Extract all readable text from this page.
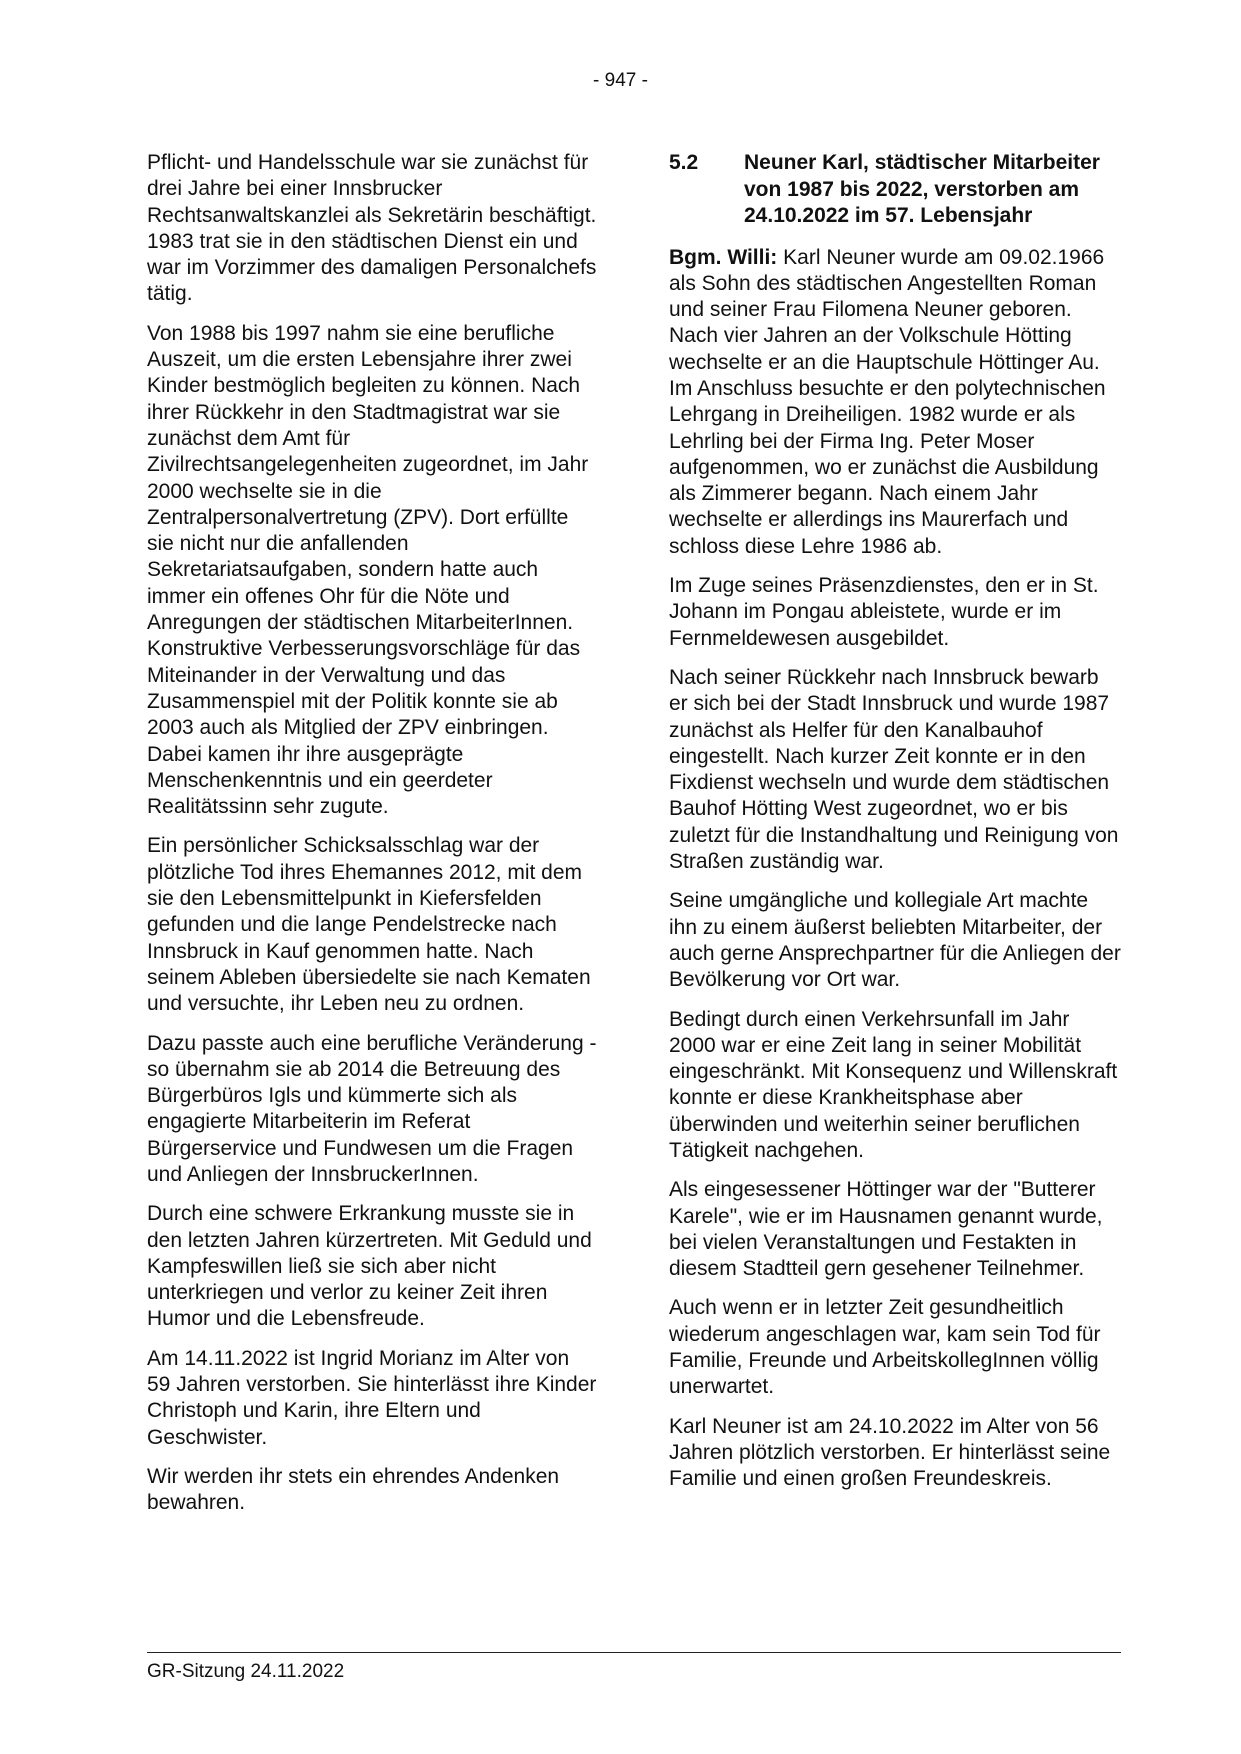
- 947 -

Pflicht- und Handelsschule war sie zunächst für drei Jahre bei einer Innsbrucker Rechtsanwaltskanzlei als Sekretärin beschäftigt. 1983 trat sie in den städtischen Dienst ein und war im Vorzimmer des damaligen Personalchefs tätig.

Von 1988 bis 1997 nahm sie eine berufliche Auszeit, um die ersten Lebensjahre ihrer zwei Kinder bestmöglich begleiten zu können. Nach ihrer Rückkehr in den Stadtmagistrat war sie zunächst dem Amt für Zivilrechtsangelegenheiten zugeordnet, im Jahr 2000 wechselte sie in die Zentralpersonalvertretung (ZPV). Dort erfüllte sie nicht nur die anfallenden Sekretariatsaufgaben, sondern hatte auch immer ein offenes Ohr für die Nöte und Anregungen der städtischen MitarbeiterInnen. Konstruktive Verbesserungsvorschläge für das Miteinander in der Verwaltung und das Zusammenspiel mit der Politik konnte sie ab 2003 auch als Mitglied der ZPV einbringen. Dabei kamen ihr ihre ausgeprägte Menschenkenntnis und ein geerdeter Realitätssinn sehr zugute.

Ein persönlicher Schicksalsschlag war der plötzliche Tod ihres Ehemannes 2012, mit dem sie den Lebensmittelpunkt in Kiefersfelden gefunden und die lange Pendelstrecke nach Innsbruck in Kauf genommen hatte. Nach seinem Ableben übersiedelte sie nach Kematen und versuchte, ihr Leben neu zu ordnen.

Dazu passte auch eine berufliche Veränderung - so übernahm sie ab 2014 die Betreuung des Bürgerbüros Igls und kümmerte sich als engagierte Mitarbeiterin im Referat Bürgerservice und Fundwesen um die Fragen und Anliegen der InnsbruckerInnen.

Durch eine schwere Erkrankung musste sie in den letzten Jahren kürzertreten. Mit Geduld und Kampfeswillen ließ sie sich aber nicht unterkriegen und verlor zu keiner Zeit ihren Humor und die Lebensfreude.

Am 14.11.2022 ist Ingrid Morianz im Alter von 59 Jahren verstorben. Sie hinterlässt ihre Kinder Christoph und Karin, ihre Eltern und Geschwister.

Wir werden ihr stets ein ehrendes Andenken bewahren.

5.2	Neuner Karl, städtischer Mitarbeiter von 1987 bis 2022, verstorben am 24.10.2022 im 57. Lebensjahr

Bgm. Willi: Karl Neuner wurde am 09.02.1966 als Sohn des städtischen Angestellten Roman und seiner Frau Filomena Neuner geboren. Nach vier Jahren an der Volkschule Hötting wechselte er an die Hauptschule Höttinger Au. Im Anschluss besuchte er den polytechnischen Lehrgang in Dreiheiligen. 1982 wurde er als Lehrling bei der Firma Ing. Peter Moser aufgenommen, wo er zunächst die Ausbildung als Zimmerer begann. Nach einem Jahr wechselte er allerdings ins Maurerfach und schloss diese Lehre 1986 ab.

Im Zuge seines Präsenzdienstes, den er in St. Johann im Pongau ableistete, wurde er im Fernmeldewesen ausgebildet.

Nach seiner Rückkehr nach Innsbruck bewarb er sich bei der Stadt Innsbruck und wurde 1987 zunächst als Helfer für den Kanalbauhof eingestellt. Nach kurzer Zeit konnte er in den Fixdienst wechseln und wurde dem städtischen Bauhof Hötting West zugeordnet, wo er bis zuletzt für die Instandhaltung und Reinigung von Straßen zuständig war.

Seine umgängliche und kollegiale Art machte ihn zu einem äußerst beliebten Mitarbeiter, der auch gerne Ansprechpartner für die Anliegen der Bevölkerung vor Ort war.

Bedingt durch einen Verkehrsunfall im Jahr 2000 war er eine Zeit lang in seiner Mobilität eingeschränkt. Mit Konsequenz und Willenskraft konnte er diese Krankheitsphase aber überwinden und weiterhin seiner beruflichen Tätigkeit nachgehen.

Als eingesessener Höttinger war der "Butterer Karele", wie er im Hausnamen genannt wurde, bei vielen Veranstaltungen und Festakten in diesem Stadtteil gern gesehener Teilnehmer.

Auch wenn er in letzter Zeit gesundheitlich wiederum angeschlagen war, kam sein Tod für Familie, Freunde und ArbeitskollegInnen völlig unerwartet.

Karl Neuner ist am 24.10.2022 im Alter von 56 Jahren plötzlich verstorben. Er hinterlässt seine Familie und einen großen Freundeskreis.

GR-Sitzung 24.11.2022
